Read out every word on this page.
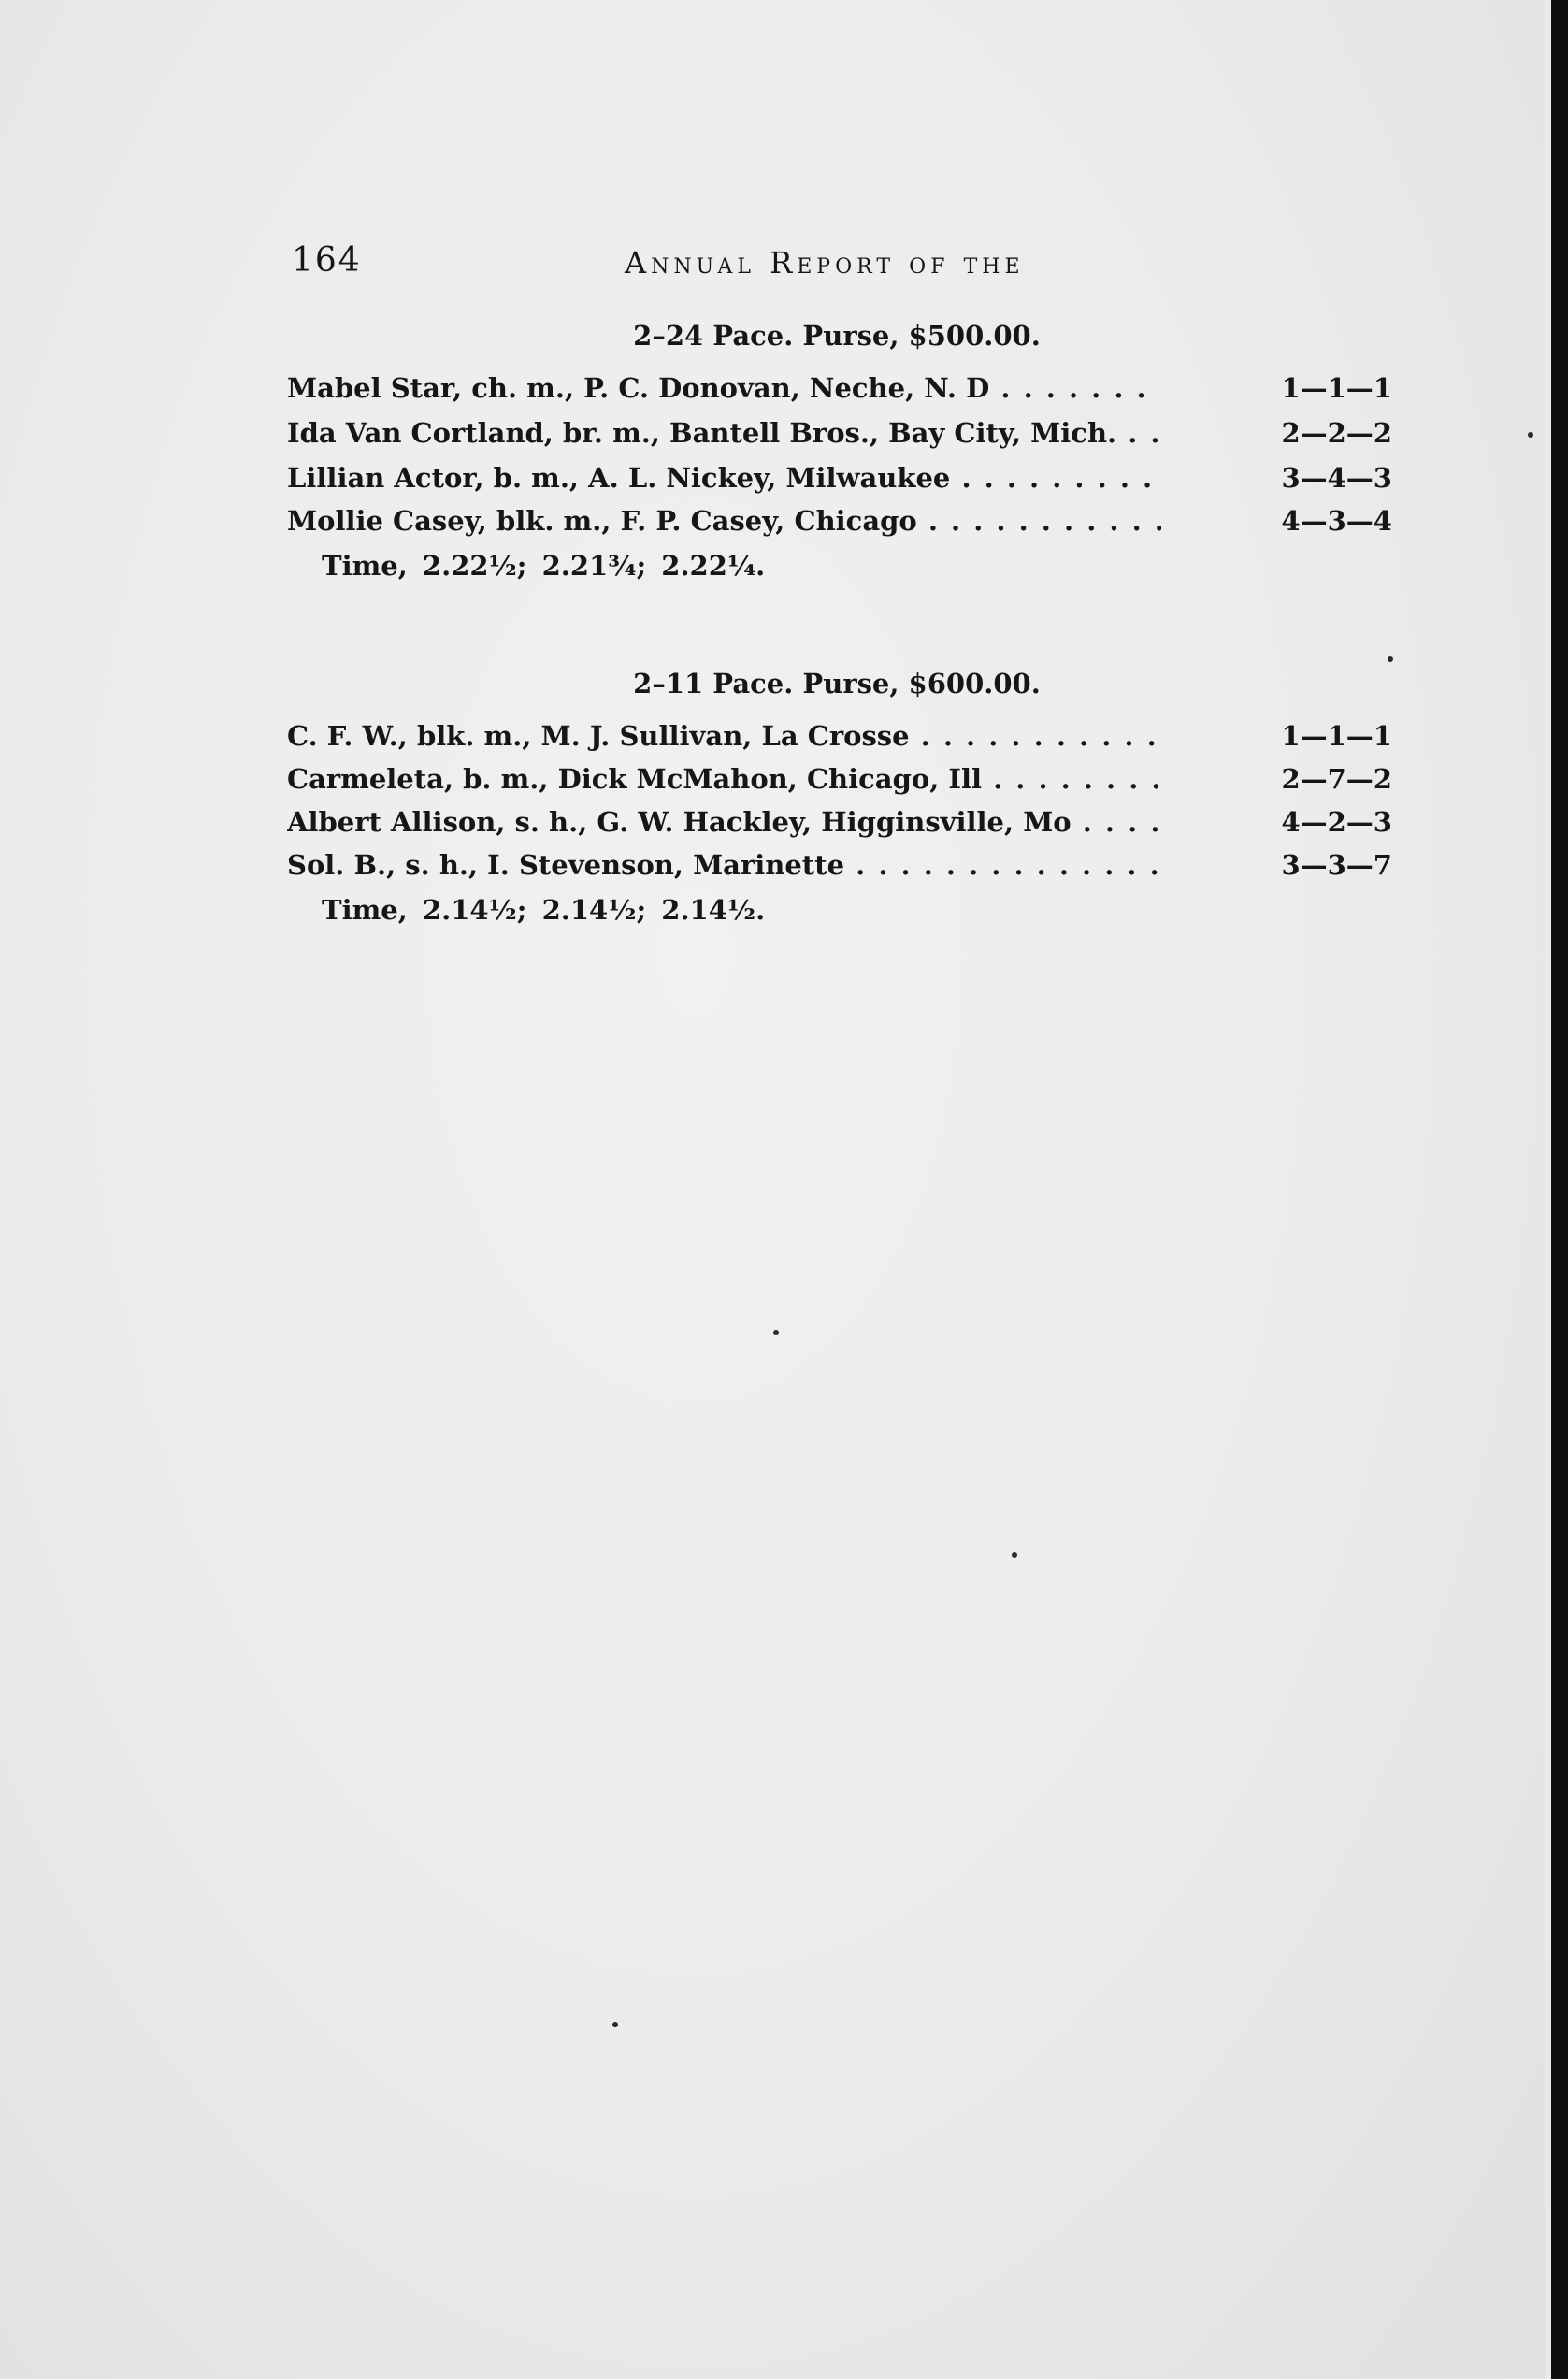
164	Annual Report of the
2–24 Pace. Purse, $500.00.
Mabel Star, ch. m., P. C. Donovan, Neche, N. D . . .	1—1—1
Ida Van Cortland, br. m., Bantell Bros., Bay City, Mich. . . .	2—2—2
Lillian Actor, b. m., A. L. Nickey, Milwaukee . . .	3—4—3
Mollie Casey, blk. m., F. P. Casey, Chicago . . .	4—3—4
Time, 2.22½; 2.21¾; 2.22¼.
2–11 Pace. Purse, $600.00.
C. F. W., blk. m., M. J. Sullivan, La Crosse . . .	1—1—1
Carmeleta, b. m., Dick McMahon, Chicago, Ill . . .	2—7—2
Albert Allison, s. h., G. W. Hackley, Higginsville, Mo . . .	4—2—3
Sol. B., s. h., I. Stevenson, Marinette . . .	3—3—7
Time, 2.14½; 2.14½; 2.14½.
